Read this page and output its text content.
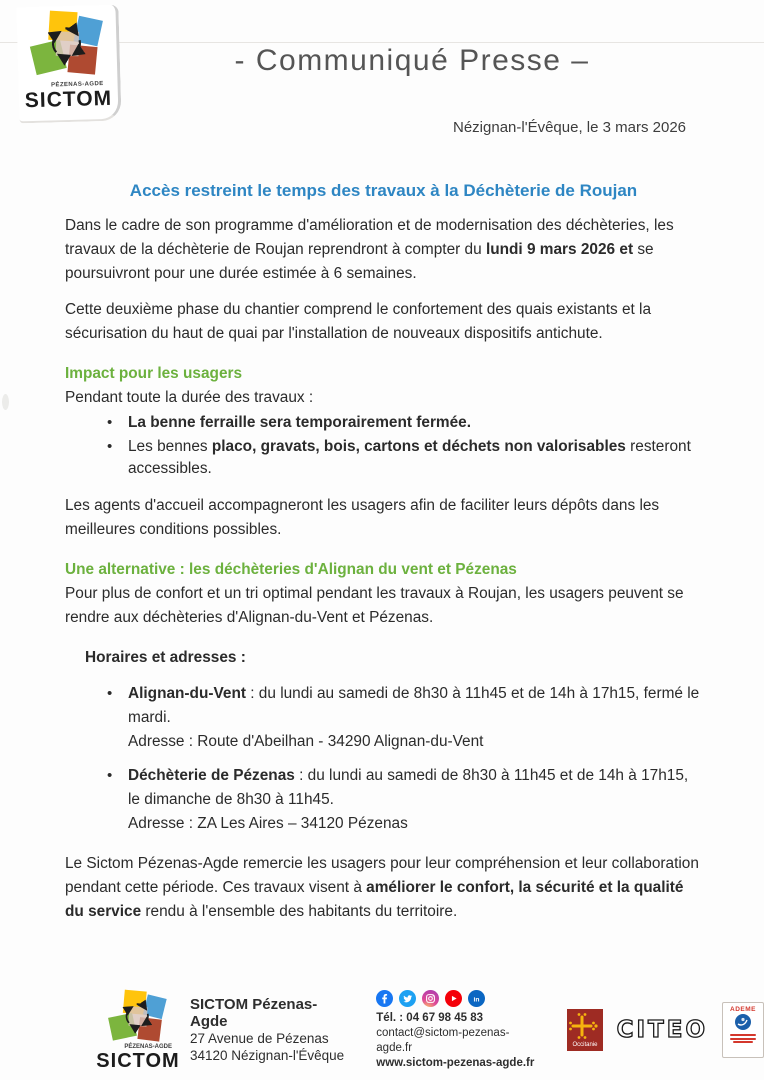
PÉZENAS-AGDE
SICTOM
- Communiqué Presse –
Nézignan-l'Évêque, le 3 mars 2026
Accès restreint le temps des travaux à la Déchèterie de Roujan

Dans le cadre de son programme d'amélioration et de modernisation des déchèteries, les travaux de la déchèterie de Roujan reprendront à compter du lundi 9 mars 2026 et se poursuivront pour une durée estimée à 6 semaines.

Cette deuxième phase du chantier comprend le confortement des quais existants et la sécurisation du haut de quai par l'installation de nouveaux dispositifs antichute.

Impact pour les usagers

Pendant toute la durée des travaux :

• La benne ferraille sera temporairement fermée.
• Les bennes placo, gravats, bois, cartons et déchets non valorisables resteront accessibles.

Les agents d'accueil accompagneront les usagers afin de faciliter leurs dépôts dans les meilleures conditions possibles.

Une alternative : les déchèteries d'Alignan du vent et Pézenas

Pour plus de confort et un tri optimal pendant les travaux à Roujan, les usagers peuvent se rendre aux déchèteries d'Alignan-du-Vent et Pézenas.

Horaires et adresses :
• Alignan-du-Vent : du lundi au samedi de 8h30 à 11h45 et de 14h à 17h15, fermé le mardi.
Adresse : Route d'Abeilhan - 34290 Alignan-du-Vent
• Déchèterie de Pézenas : du lundi au samedi de 8h30 à 11h45 et de 14h à 17h15, le dimanche de 8h30 à 11h45.
Adresse : ZA Les Aires – 34120 Pézenas

Le Sictom Pézenas-Agde remercie les usagers pour leur compréhension et leur collaboration pendant cette période. Ces travaux visent à améliorer le confort, la sécurité et la qualité du service rendu à l'ensemble des habitants du territoire.

PÉZENAS-AGDE
SICTOM
SICTOM Pézenas-Agde
27 Avenue de Pézenas
34120 Nézignan-l'Évêque
in
Tél. : 04 67 98 45 83
contact@sictom-pezenas-agde.fr
www.sictom-pezenas-agde.fr
Occitanie
CITEO
ADEME
